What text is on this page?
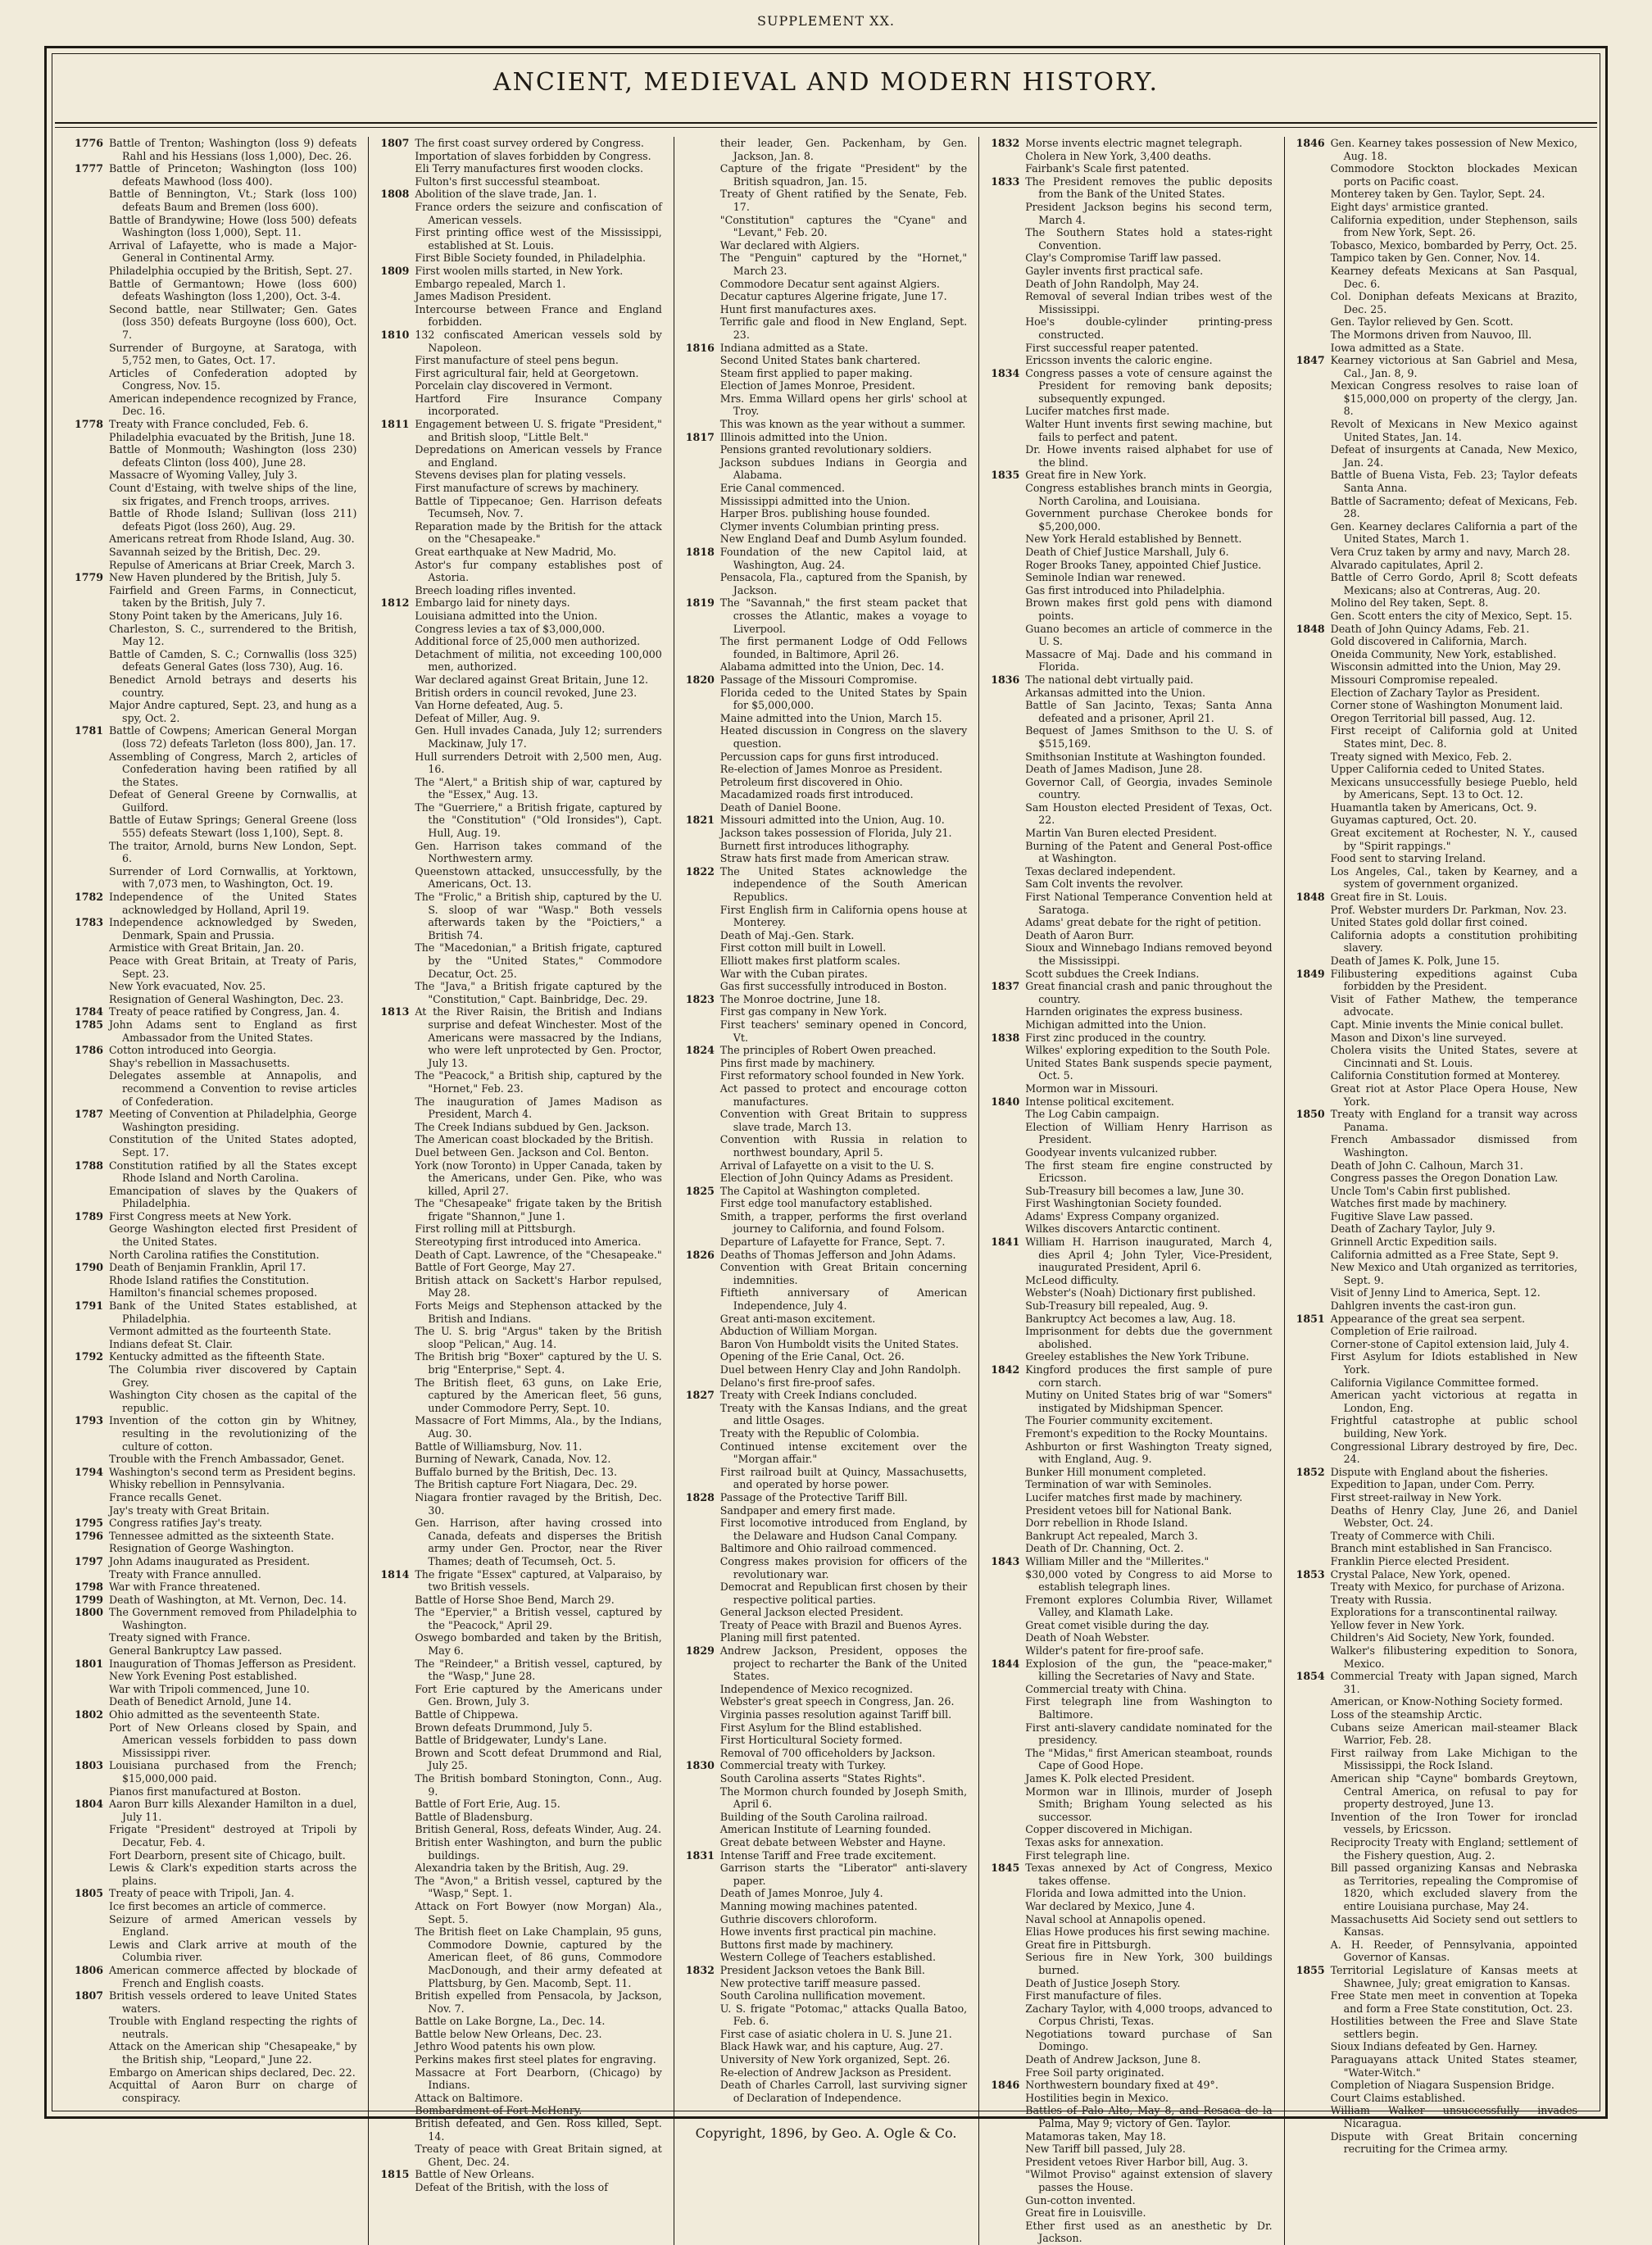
SUPPLEMENT XX.
ANCIENT, MEDIEVAL AND MODERN HISTORY.
1776 Battle of Trenton; Washington (loss 9) defeats Rahl and his Hessians (loss 1,000), Dec. 26.
1777 Battle of Princeton; Washington (loss 100) defeats Mawhood (loss 400).
Battle of Bennington, Vt.; Stark (loss 100) defeats Baum and Bremen (loss 600).
Battle of Brandywine; Howe (loss 500) defeats Washington (loss 1,000), Sept. 11.
Arrival of Lafayette, who is made a Major-General in Continental Army.
Philadelphia occupied by the British, Sept. 27.
Battle of Germantown; Howe (loss 600) defeats Washington (loss 1,200), Oct. 3-4.
Second battle, near Stillwater; Gen. Gates (loss 350) defeats Burgoyne (loss 600), Oct. 7.
Surrender of Burgoyne, at Saratoga, with 5,752 men, to Gates, Oct. 17.
Articles of Confederation adopted by Congress, Nov. 15.
American independence recognized by France, Dec. 16.
1778 Treaty with France concluded, Feb. 6.
Philadelphia evacuated by the British, June 18.
Battle of Monmouth; Washington (loss 230) defeats Clinton (loss 400), June 28.
Massacre of Wyoming Valley, July 3.
Count d'Estaing, with twelve ships of the line, six frigates, and French troops, arrives.
Battle of Rhode Island; Sullivan (loss 211) defeats Pigot (loss 260), Aug. 29.
Americans retreat from Rhode Island, Aug. 30.
Savannah seized by the British, Dec. 29.
Repulse of Americans at Briar Creek, March 3.
1779 New Haven plundered by the British, July 5.
Fairfield and Green Farms, in Connecticut, taken by the British, July 7.
Stony Point taken by the Americans, July 16.
Charleston, S. C., surrendered to the British, May 12.
Battle of Camden, S. C.; Cornwallis (loss 325) defeats General Gates (loss 730), Aug. 16.
Benedict Arnold betrays and deserts his country.
Major Andre captured, Sept. 23, and hung as a spy, Oct. 2.
1781 Battle of Cowpens; American General Morgan (loss 72) defeats Tarleton (loss 800), Jan. 17.
Assembling of Congress, March 2, articles of Confederation having been ratified by all the States.
Defeat of General Greene by Cornwallis, at Guilford.
Battle of Eutaw Springs; General Greene (loss 555) defeats Stewart (loss 1,100), Sept. 8.
The traitor, Arnold, burns New London, Sept. 6.
Surrender of Lord Cornwallis, at Yorktown, with 7,073 men, to Washington, Oct. 19.
1782 Independence of the United States acknowledged by Holland, April 19.
1783 Independence acknowledged by Sweden, Denmark, Spain and Prussia.
Armistice with Great Britain, Jan. 20.
Peace with Great Britain, at Treaty of Paris, Sept. 23.
New York evacuated, Nov. 25.
Resignation of General Washington, Dec. 23.
1784 Treaty of peace ratified by Congress, Jan. 4.
1785 John Adams sent to England as first Ambassador from the United States.
1786 Cotton introduced into Georgia.
Shay's rebellion in Massachusetts.
Delegates assemble at Annapolis, and recommend a Convention to revise articles of Confederation.
1787 Meeting of Convention at Philadelphia, George Washington presiding.
Constitution of the United States adopted, Sept. 17.
1788 Constitution ratified by all the States except Rhode Island and North Carolina.
Emancipation of slaves by the Quakers of Philadelphia.
1789 First Congress meets at New York.
George Washington elected first President of the United States.
North Carolina ratifies the Constitution.
1790 Death of Benjamin Franklin, April 17.
Rhode Island ratifies the Constitution.
Hamilton's financial schemes proposed.
1791 Bank of the United States established, at Philadelphia.
Vermont admitted as the fourteenth State.
Indians defeat St. Clair.
1792 Kentucky admitted as the fifteenth State.
The Columbia river discovered by Captain Grey.
Washington City chosen as the capital of the republic.
1793 Invention of the cotton gin by Whitney, resulting in the revolutionizing of the culture of cotton.
Trouble with the French Ambassador, Genet.
1794 Washington's second term as President begins.
Whisky rebellion in Pennsylvania.
France recalls Genet.
Jay's treaty with Great Britain.
1795 Congress ratifies Jay's treaty.
1796 Tennessee admitted as the sixteenth State.
Resignation of George Washington.
1797 John Adams inaugurated as President.
Treaty with France annulled.
1798 War with France threatened.
1799 Death of Washington, at Mt. Vernon, Dec. 14.
1800 The Government removed from Philadelphia to Washington.
Treaty signed with France.
General Bankruptcy Law passed.
1801 Inauguration of Thomas Jefferson as President.
New York Evening Post established.
War with Tripoli commenced, June 10.
Death of Benedict Arnold, June 14.
1802 Ohio admitted as the seventeenth State.
Port of New Orleans closed by Spain, and American vessels forbidden to pass down Mississippi river.
1803 Louisiana purchased from the French; $15,000,000 paid.
Pianos first manufactured at Boston.
1804 Aaron Burr kills Alexander Hamilton in a duel, July 11.
Frigate "President" destroyed at Tripoli by Decatur, Feb. 4.
Fort Dearborn, present site of Chicago, built.
Lewis & Clark's expedition starts across the plains.
1805 Treaty of peace with Tripoli, Jan. 4.
Ice first becomes an article of commerce.
Seizure of armed American vessels by England.
Lewis and Clark arrive at mouth of the Columbia river.
1806 American commerce affected by blockade of French and English coasts.
1807 British vessels ordered to leave United States waters.
Trouble with England respecting the rights of neutrals.
Attack on the American ship "Chesapeake," by the British ship, "Leopard," June 22.
Embargo on American ships declared, Dec. 22.
Acquittal of Aaron Burr on charge of conspiracy.
1807 The first coast survey ordered by Congress.
Importation of slaves forbidden by Congress.
Eli Terry manufactures first wooden clocks.
Fulton's first successful steamboat.
1808 Abolition of the slave trade, Jan. 1.
France orders the seizure and confiscation of American vessels.
First printing office west of the Mississippi, established at St. Louis.
First Bible Society founded, in Philadelphia.
1809 First woolen mills started, in New York.
Embargo repealed, March 1.
James Madison President.
Intercourse between France and England forbidden.
1810 132 confiscated American vessels sold by Napoleon.
First manufacture of steel pens begun.
First agricultural fair, held at Georgetown.
Porcelain clay discovered in Vermont.
Hartford Fire Insurance Company incorporated.
1811 Engagement between U. S. frigate "President," and British sloop, "Little Belt."
Depredations on American vessels by France and England.
Stevens devises plan for plating vessels.
First manufacture of screws by machinery.
Battle of Tippecanoe; Gen. Harrison defeats Tecumseh, Nov. 7.
Reparation made by the British for the attack on the "Chesapeake."
Great earthquake at New Madrid, Mo.
Astor's fur company establishes post of Astoria.
Breech loading rifles invented.
1812 Embargo laid for ninety days.
Louisiana admitted into the Union.
Congress levies a tax of $3,000,000.
Additional force of 25,000 men authorized.
Detachment of militia, not exceeding 100,000 men, authorized.
War declared against Great Britain, June 12.
British orders in council revoked, June 23.
Van Horne defeated, Aug. 5.
Defeat of Miller, Aug. 9.
Gen. Hull invades Canada, July 12; surrenders Mackinaw, July 17.
Hull surrenders Detroit with 2,500 men, Aug. 16.
The "Alert," a British ship of war, captured by the "Essex," Aug. 13.
The "Guerriere," a British frigate, captured by the "Constitution" ("Old Ironsides"), Capt. Hull, Aug. 19.
Gen. Harrison takes command of the Northwestern army.
Queenstown attacked, unsuccessfully, by the Americans, Oct. 13.
The "Frolic," a British ship, captured by the U. S. sloop of war "Wasp." Both vessels afterwards taken by the "Poictiers," a British 74.
The "Macedonian," a British frigate, captured by the "United States," Commodore Decatur, Oct. 25.
The "Java," a British frigate captured by the "Constitution," Capt. Bainbridge, Dec. 29.
1813 At the River Raisin, the British and Indians surprise and defeat Winchester. Most of the Americans were massacred by the Indians, who were left unprotected by Gen. Proctor, July 13.
The "Peacock," a British ship, captured by the "Hornet," Feb. 23.
The inauguration of James Madison as President, March 4.
The Creek Indians subdued by Gen. Jackson.
The American coast blockaded by the British.
Duel between Gen. Jackson and Col. Benton.
York (now Toronto) in Upper Canada, taken by the Americans, under Gen. Pike, who was killed, April 27.
The "Chesapeake" frigate taken by the British frigate "Shannon," June 1.
First rolling mill at Pittsburgh.
Stereotyping first introduced into America.
Death of Capt. Lawrence, of the "Chesapeake."
Battle of Fort George, May 27.
British attack on Sackett's Harbor repulsed, May 28.
Forts Meigs and Stephenson attacked by the British and Indians.
The U. S. brig "Argus" taken by the British sloop "Pelican," Aug. 14.
The British brig "Boxer" captured by the U. S. brig "Enterprise," Sept. 4.
The British fleet, 63 guns, on Lake Erie, captured by the American fleet, 56 guns, under Commodore Perry, Sept. 10.
Massacre of Fort Mimms, Ala., by the Indians, Aug. 30.
Battle of Williamsburg, Nov. 11.
Burning of Newark, Canada, Nov. 12.
Buffalo burned by the British, Dec. 13.
The British capture Fort Niagara, Dec. 29.
Niagara frontier ravaged by the British, Dec. 30.
Gen. Harrison, after having crossed into Canada, defeats and disperses the British army under Gen. Proctor, near the River Thames; death of Tecumseh, Oct. 5.
1814 The frigate "Essex" captured, at Valparaiso, by two British vessels.
Battle of Horse Shoe Bend, March 29.
The "Epervier," a British vessel, captured by the "Peacock," April 29.
Oswego bombarded and taken by the British, May 6.
The "Reindeer," a British vessel, captured, by the "Wasp," June 28.
Fort Erie captured by the Americans under Gen. Brown, July 3.
Battle of Chippewa.
Brown defeats Drummond, July 5.
Battle of Bridgewater, Lundy's Lane.
Brown and Scott defeat Drummond and Rial, July 25.
The British bombard Stonington, Conn., Aug. 9.
Battle of Fort Erie, Aug. 15.
Battle of Bladensburg.
British General, Ross, defeats Winder, Aug. 24.
British enter Washington, and burn the public buildings.
Alexandria taken by the British, Aug. 29.
The "Avon," a British vessel, captured by the "Wasp," Sept. 1.
Attack on Fort Bowyer (now Morgan) Ala., Sept. 5.
The British fleet on Lake Champlain, 95 guns, Commodore Downie, captured by the American fleet, of 86 guns, Commodore MacDonough, and their army defeated at Plattsburg, by Gen. Macomb, Sept. 11.
British expelled from Pensacola, by Jackson, Nov. 7.
Battle on Lake Borgne, La., Dec. 14.
Battle below New Orleans, Dec. 23.
Jethro Wood patents his own plow.
Perkins makes first steel plates for engraving.
Massacre at Fort Dearborn, (Chicago) by Indians.
Attack on Baltimore.
Bombardment of Fort McHenry.
British defeated, and Gen. Ross killed, Sept. 14.
Treaty of peace with Great Britain signed, at Ghent, Dec. 24.
1815 Battle of New Orleans.
Defeat of the British, with the loss of
their leader, Gen. Packenham, by Gen. Jackson, Jan. 8.
Capture of the frigate "President" by the British squadron, Jan. 15.
Treaty of Ghent ratified by the Senate, Feb. 17.
"Constitution" captures the "Cyane" and "Levant," Feb. 20.
War declared with Algiers.
The "Penguin" captured by the "Hornet," March 23.
Commodore Decatur sent against Algiers.
Decatur captures Algerine frigate, June 17.
Hunt first manufactures axes.
Terrific gale and flood in New England, Sept. 23.
1816 Indiana admitted as a State.
Second United States bank chartered.
Steam first applied to paper making.
Election of James Monroe, President.
Mrs. Emma Willard opens her girls' school at Troy.
This was known as the year without a summer.
1817 Illinois admitted into the Union.
Pensions granted revolutionary soldiers.
Jackson subdues Indians in Georgia and Alabama.
Erie Canal commenced.
Mississippi admitted into the Union.
Harper Bros. publishing house founded.
Clymer invents Columbian printing press.
New England Deaf and Dumb Asylum founded.
1818 Foundation of the new Capitol laid, at Washington, Aug. 24.
Pensacola, Fla., captured from the Spanish, by Jackson.
1819 The "Savannah," the first steam packet that crosses the Atlantic, makes a voyage to Liverpool.
The first permanent Lodge of Odd Fellows founded, in Baltimore, April 26.
Alabama admitted into the Union, Dec. 14.
1820 Passage of the Missouri Compromise.
Florida ceded to the United States by Spain for $5,000,000.
Maine admitted into the Union, March 15.
Heated discussion in Congress on the slavery question.
Percussion caps for guns first introduced.
Re-election of James Monroe as President.
Petroleum first discovered in Ohio.
Macadamized roads first introduced.
Death of Daniel Boone.
1821 Missouri admitted into the Union, Aug. 10.
Jackson takes possession of Florida, July 21.
Burnett first introduces lithography.
Straw hats first made from American straw.
1822 The United States acknowledge the independence of the South American Republics.
First English firm in California opens house at Monterey.
Death of Maj.-Gen. Stark.
First cotton mill built in Lowell.
Elliott makes first platform scales.
War with the Cuban pirates.
Gas first successfully introduced in Boston.
1823 The Monroe doctrine, June 18.
First gas company in New York.
First teachers' seminary opened in Concord, Vt.
1824 The principles of Robert Owen preached.
Pins first made by machinery.
First reformatory school founded in New York.
Act passed to protect and encourage cotton manufactures.
Convention with Great Britain to suppress slave trade, March 13.
Convention with Russia in relation to northwest boundary, April 5.
Arrival of Lafayette on a visit to the U. S.
Election of John Quincy Adams as President.
1825 The Capitol at Washington completed.
First edge tool manufactory established.
Smith, a trapper, performs the first overland journey to California, and found Folsom.
Departure of Lafayette for France, Sept. 7.
1826 Deaths of Thomas Jefferson and John Adams.
Convention with Great Britain concerning indemnities.
Fiftieth anniversary of American Independence, July 4.
Great anti-mason excitement.
Abduction of William Morgan.
Baron Von Humboldt visits the United States.
Opening of the Erie Canal, Oct. 26.
Duel between Henry Clay and John Randolph.
Delano's first fire-proof safes.
1827 Treaty with Creek Indians concluded.
Treaty with the Kansas Indians, and the great and little Osages.
Treaty with the Republic of Colombia.
Continued intense excitement over the "Morgan affair."
First railroad built at Quincy, Massachusetts, and operated by horse power.
1828 Passage of the Protective Tariff Bill.
Sandpaper and emery first made.
First locomotive introduced from England, by the Delaware and Hudson Canal Company.
Baltimore and Ohio railroad commenced.
Congress makes provision for officers of the revolutionary war.
Democrat and Republican first chosen by their respective political parties.
General Jackson elected President.
Treaty of Peace with Brazil and Buenos Ayres.
Planing mill first patented.
1829 Andrew Jackson, President, opposes the project to recharter the Bank of the United States.
Independence of Mexico recognized.
Webster's great speech in Congress, Jan. 26.
Virginia passes resolution against Tariff bill.
First Asylum for the Blind established.
First Horticultural Society formed.
Removal of 700 officeholders by Jackson.
1830 Commercial treaty with Turkey.
South Carolina asserts "States Rights".
The Mormon church founded by Joseph Smith, April 6.
Building of the South Carolina railroad.
American Institute of Learning founded.
Great debate between Webster and Hayne.
1831 Intense Tariff and Free trade excitement.
Garrison starts the "Liberator" anti-slavery paper.
Death of James Monroe, July 4.
Manning mowing machines patented.
Guthrie discovers chloroform.
Howe invents first practical pin machine.
Buttons first made by machinery.
Western College of Teachers established.
1832 President Jackson vetoes the Bank Bill.
New protective tariff measure passed.
South Carolina nullification movement.
U. S. frigate "Potomac," attacks Qualla Batoo, Feb. 6.
First case of asiatic cholera in U. S. June 21.
Black Hawk war, and his capture, Aug. 27.
University of New York organized, Sept. 26.
Re-election of Andrew Jackson as President.
Death of Charles Carroll, last surviving signer of Declaration of Independence.
1832 Morse invents electric magnet telegraph.
Cholera in New York, 3,400 deaths.
Fairbank's Scale first patented.
1833 The President removes the public deposits from the Bank of the United States.
President Jackson begins his second term, March 4.
The Southern States hold a states-right Convention.
Clay's Compromise Tariff law passed.
Gayler invents first practical safe.
Death of John Randolph, May 24.
Removal of several Indian tribes west of the Mississippi.
Hoe's double-cylinder printing-press constructed.
First successful reaper patented.
Ericsson invents the caloric engine.
1834 Congress passes a vote of censure against the President for removing bank deposits; subsequently expunged.
Lucifer matches first made.
Walter Hunt invents first sewing machine, but fails to perfect and patent.
Dr. Howe invents raised alphabet for use of the blind.
1835 Great fire in New York.
Congress establishes branch mints in Georgia, North Carolina, and Louisiana.
Government purchase Cherokee bonds for $5,200,000.
New York Herald established by Bennett.
Death of Chief Justice Marshall, July 6.
Roger Brooks Taney, appointed Chief Justice.
Seminole Indian war renewed.
Gas first introduced into Philadelphia.
Brown makes first gold pens with diamond points.
Guano becomes an article of commerce in the U. S.
Massacre of Maj. Dade and his command in Florida.
1836 The national debt virtually paid.
Arkansas admitted into the Union.
Battle of San Jacinto, Texas; Santa Anna defeated and a prisoner, April 21.
Bequest of James Smithson to the U. S. of $515,169.
Smithsonian Institute at Washington founded.
Death of James Madison, June 28.
Governor Call, of Georgia, invades Seminole country.
Sam Houston elected President of Texas, Oct. 22.
Martin Van Buren elected President.
Burning of the Patent and General Post-office at Washington.
Texas declared independent.
Sam Colt invents the revolver.
First National Temperance Convention held at Saratoga.
Adams' great debate for the right of petition.
Death of Aaron Burr.
Sioux and Winnebago Indians removed beyond the Mississippi.
Scott subdues the Creek Indians.
1837 Great financial crash and panic throughout the country.
Harnden originates the express business.
Michigan admitted into the Union.
1838 First zinc produced in the country.
Wilkes' exploring expedition to the South Pole.
United States Bank suspends specie payment, Oct. 5.
Mormon war in Missouri.
1840 Intense political excitement.
The Log Cabin campaign.
Election of William Henry Harrison as President.
Goodyear invents vulcanized rubber.
The first steam fire engine constructed by Ericsson.
Sub-Treasury bill becomes a law, June 30.
First Washingtonian Society founded.
Adams' Express Company organized.
Wilkes discovers Antarctic continent.
1841 William H. Harrison inaugurated, March 4, dies April 4; John Tyler, Vice-President, inaugurated President, April 6.
McLeod difficulty.
Webster's (Noah) Dictionary first published.
Sub-Treasury bill repealed, Aug. 9.
Bankruptcy Act becomes a law, Aug. 18.
Imprisonment for debts due the government abolished.
Greeley establishes the New York Tribune.
1842 Kingford produces the first sample of pure corn starch.
Mutiny on United States brig of war "Somers" instigated by Midshipman Spencer.
The Fourier community excitement.
Fremont's expedition to the Rocky Mountains.
Ashburton or first Washington Treaty signed, with England, Aug. 9.
Bunker Hill monument completed.
Termination of war with Seminoles.
Lucifer matches first made by machinery.
President vetoes bill for National Bank.
Dorr rebellion in Rhode Island.
Bankrupt Act repealed, March 3.
Death of Dr. Channing, Oct. 2.
1843 William Miller and the "Millerites."
$30,000 voted by Congress to aid Morse to establish telegraph lines.
Fremont explores Columbia River, Willamet Valley, and Klamath Lake.
Great comet visible during the day.
Death of Noah Webster.
Wilder's patent for fire-proof safe.
1844 Explosion of the gun, the "peace-maker," killing the Secretaries of Navy and State.
Commercial treaty with China.
First telegraph line from Washington to Baltimore.
First anti-slavery candidate nominated for the presidency.
The "Midas," first American steamboat, rounds Cape of Good Hope.
James K. Polk elected President.
Mormon war in Illinois, murder of Joseph Smith; Brigham Young selected as his successor.
Copper discovered in Michigan.
Texas asks for annexation.
First telegraph line.
1845 Texas annexed by Act of Congress, Mexico takes offense.
Florida and Iowa admitted into the Union.
War declared by Mexico, June 4.
Naval school at Annapolis opened.
Elias Howe produces his first sewing machine.
Great fire in Pittsburgh.
Serious fire in New York, 300 buildings burned.
Death of Justice Joseph Story.
First manufacture of files.
Zachary Taylor, with 4,000 troops, advanced to Corpus Christi, Texas.
Negotiations toward purchase of San Domingo.
Death of Andrew Jackson, June 8.
Free Soil party originated.
1846 Northwestern boundary fixed at 49°.
Hostilities begin in Mexico.
Battles of Palo Alto, May 8, and Resaca de la Palma, May 9; victory of Gen. Taylor.
Matamoras taken, May 18.
New Tariff bill passed, July 28.
President vetoes River Harbor bill, Aug. 3.
"Wilmot Proviso" against extension of slavery passes the House.
Gun-cotton invented.
Great fire in Louisville.
Ether first used as an anesthetic by Dr. Jackson.
1846 Gen. Kearney takes possession of New Mexico, Aug. 18.
Commodore Stockton blockades Mexican ports on Pacific coast.
Monterey taken by Gen. Taylor, Sept. 24.
Eight days' armistice granted.
California expedition, under Stephenson, sails from New York, Sept. 26.
Tobasco, Mexico, bombarded by Perry, Oct. 25.
Tampico taken by Gen. Conner, Nov. 14.
Kearney defeats Mexicans at San Pasqual, Dec. 6.
Col. Doniphan defeats Mexicans at Brazito, Dec. 25.
Gen. Taylor relieved by Gen. Scott.
The Mormons driven from Nauvoo, Ill.
Iowa admitted as a State.
1847 Kearney victorious at San Gabriel and Mesa, Cal., Jan. 8, 9.
Mexican Congress resolves to raise loan of $15,000,000 on property of the clergy, Jan. 8.
Revolt of Mexicans in New Mexico against United States, Jan. 14.
Defeat of insurgents at Canada, New Mexico, Jan. 24.
Battle of Buena Vista, Feb. 23; Taylor defeats Santa Anna.
Battle of Sacramento; defeat of Mexicans, Feb. 28.
Gen. Kearney declares California a part of the United States, March 1.
Vera Cruz taken by army and navy, March 28.
Alvarado capitulates, April 2.
Battle of Cerro Gordo, April 8; Scott defeats Mexicans; also at Contreras, Aug. 20.
Molino del Rey taken, Sept. 8.
Gen. Scott enters the city of Mexico, Sept. 15.
1848 Death of John Quincy Adams, Feb. 21.
Gold discovered in California, March.
Oneida Community, New York, established.
Wisconsin admitted into the Union, May 29.
Missouri Compromise repealed.
Election of Zachary Taylor as President.
Corner stone of Washington Monument laid.
Oregon Territorial bill passed, Aug. 12.
First receipt of California gold at United States mint, Dec. 8.
Treaty signed with Mexico, Feb. 2.
Upper California ceded to United States.
Mexicans unsuccessfully besiege Pueblo, held by Americans, Sept. 13 to Oct. 12.
Huamantla taken by Americans, Oct. 9.
Guyamas captured, Oct. 20.
Great excitement at Rochester, N. Y., caused by "Spirit rappings."
Food sent to starving Ireland.
Los Angeles, Cal., taken by Kearney, and a system of government organized.
1848 Great fire in St. Louis.
Prof. Webster murders Dr. Parkman, Nov. 23.
United States gold dollar first coined.
California adopts a constitution prohibiting slavery.
Death of James K. Polk, June 15.
1849 Filibustering expeditions against Cuba forbidden by the President.
Visit of Father Mathew, the temperance advocate.
Capt. Minie invents the Minie conical bullet.
Mason and Dixon's line surveyed.
Cholera visits the United States, severe at Cincinnati and St. Louis.
California Constitution formed at Monterey.
Great riot at Astor Place Opera House, New York.
1850 Treaty with England for a transit way across Panama.
French Ambassador dismissed from Washington.
Death of John C. Calhoun, March 31.
Congress passes the Oregon Donation Law.
Uncle Tom's Cabin first published.
Watches first made by machinery.
Fugitive Slave Law passed.
Death of Zachary Taylor, July 9.
Grinnell Arctic Expedition sails.
California admitted as a Free State, Sept 9.
New Mexico and Utah organized as territories, Sept. 9.
Visit of Jenny Lind to America, Sept. 12.
Dahlgren invents the cast-iron gun.
1851 Appearance of the great sea serpent.
Completion of Erie railroad.
Corner-stone of Capitol extension laid, July 4.
First Asylum for Idiots established in New York.
California Vigilance Committee formed.
American yacht victorious at regatta in London, Eng.
Frightful catastrophe at public school building, New York.
Congressional Library destroyed by fire, Dec. 24.
1852 Dispute with England about the fisheries.
Expedition to Japan, under Com. Perry.
First street-railway in New York.
Deaths of Henry Clay, June 26, and Daniel Webster, Oct. 24.
Treaty of Commerce with Chili.
Branch mint established in San Francisco.
Franklin Pierce elected President.
1853 Crystal Palace, New York, opened.
Treaty with Mexico, for purchase of Arizona.
Treaty with Russia.
Explorations for a transcontinental railway.
Yellow fever in New York.
Children's Aid Society, New York, founded.
Walker's filibustering expedition to Sonora, Mexico.
1854 Commercial Treaty with Japan signed, March 31.
American, or Know-Nothing Society formed.
Loss of the steamship Arctic.
Cubans seize American mail-steamer Black Warrior, Feb. 28.
First railway from Lake Michigan to the Mississippi, the Rock Island.
American ship "Cayne" bombards Greytown, Central America, on refusal to pay for property destroyed, June 13.
Invention of the Iron Tower for ironclad vessels, by Ericsson.
Reciprocity Treaty with England; settlement of the Fishery question, Aug. 2.
Bill passed organizing Kansas and Nebraska as Territories, repealing the Compromise of 1820, which excluded slavery from the entire Louisiana purchase, May 24.
Massachusetts Aid Society send out settlers to Kansas.
A. H. Reeder, of Pennsylvania, appointed Governor of Kansas.
1855 Territorial Legislature of Kansas meets at Shawnee, July; great emigration to Kansas.
Free State men meet in convention at Topeka and form a Free State constitution, Oct. 23.
Hostilities between the Free and Slave State settlers begin.
Sioux Indians defeated by Gen. Harney.
Paraguayans attack United States steamer, "Water-Witch."
Completion of Niagara Suspension Bridge.
Court Claims established.
William Walker unsuccessfully invades Nicaragua.
Dispute with Great Britain concerning recruiting for the Crimea army.
Copyright, 1896, by Geo. A. Ogle & Co.
